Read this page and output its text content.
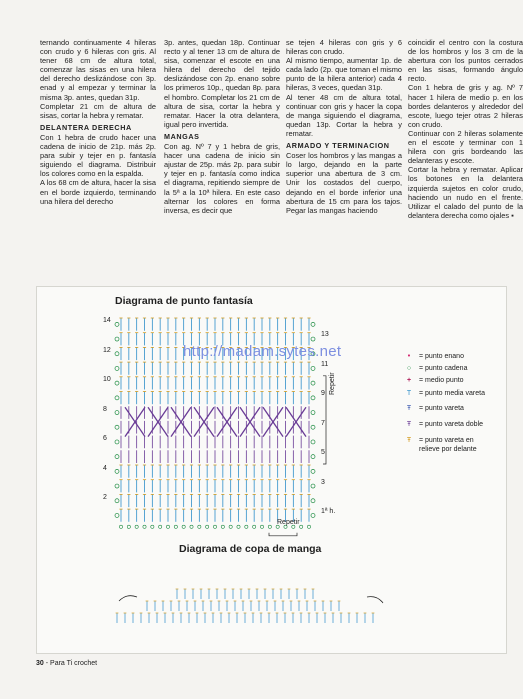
ternando continuamente 4 hileras con crudo y 6 hileras con gris. Al tener 68 cm de altura total, comenzar las sisas en una hilera del derecho deslizándose con 3p. enad y al empezar y terminar la misma 3p. antes, quedan 31p.

Completar 21 cm de altura de sisas, cortar la hebra y rematar.

DELANTERA DERECHA

Con 1 hebra de crudo hacer una cadena de inicio de 21p. más 2p. para subir y tejer en p. fantasía siguiendo el diagrama. Distribuir los colores como en la espalda.

A los 68 cm de altura, hacer la sisa en el borde izquierdo, terminando una hilera del derecho

3p. antes, quedan 18p. Continuar recto y al tener 13 cm de altura de sisa, comenzar el escote en una hilera del derecho del tejido deslizándose con 2p. enano sobre los primeros 10p., quedan 8p. para el hombro. Completar los 21 cm de altura de sisa, cortar la hebra y rematar. Hacer la otra delantera, igual pero invertida.

MANGAS

Con ag. Nº 7 y 1 hebra de gris, hacer una cadena de inicio sin ajustar de 25p. más 2p. para subir y tejer en p. fantasía como indica el diagrama, repitiendo siempre de la 5ª a la 10ª hilera. En este caso alternar los colores en forma inversa, es decir que

se tejen 4 hileras con gris y 6 hileras con crudo.

Al mismo tiempo, aumentar 1p. de cada lado (2p. que toman el mismo punto de la hilera anterior) cada 4 hileras, 3 veces, quedan 31p.

Al tener 48 cm de altura total, continuar con gris y hacer la copa de manga siguiendo el diagrama, quedan 13p. Cortar la hebra y rematar.

ARMADO Y TERMINACION

Coser los hombros y las mangas a lo largo, dejando en la parte superior una abertura de 3 cm. Unir los costados del cuerpo, dejando en el borde inferior una abertura de 15 cm para los tajos. Pegar las mangas haciendo

coincidir el centro con la costura de los hombros y los 3 cm de la abertura con los puntos cerrados en las sisas, formando ángulo recto.

Con 1 hebra de gris y ag. Nº 7 hacer 1 hilera de medio p. en los bordes delanteros y alrededor del escote, luego tejer otras 2 hileras con crudo.

Continuar con 2 hileras solamente en el escote y terminar con 1 hilera con gris bordeando las delanteras y escote.

Cortar la hebra y rematar. Aplicar los botones en la delantera izquierda sujetos en color crudo, haciendo un nudo en el frente. Utilizar el calado del punto de la delantera derecha como ojales ▪

Diagrama de punto fantasía
http://madam.sytes.net
14
12
10
8
6
4
2
13
11
9
7
5
3
1ª h.
Repetir
Repetir
•	= punto enano
○	= punto cadena
+	= medio punto
T	= punto media vareta
Ŧ	= punto vareta
Ŧ	= punto vareta doble
Ŧ	= punto vareta en
relieve por delante
Diagrama de copa de manga
30 - Para Ti crochet
